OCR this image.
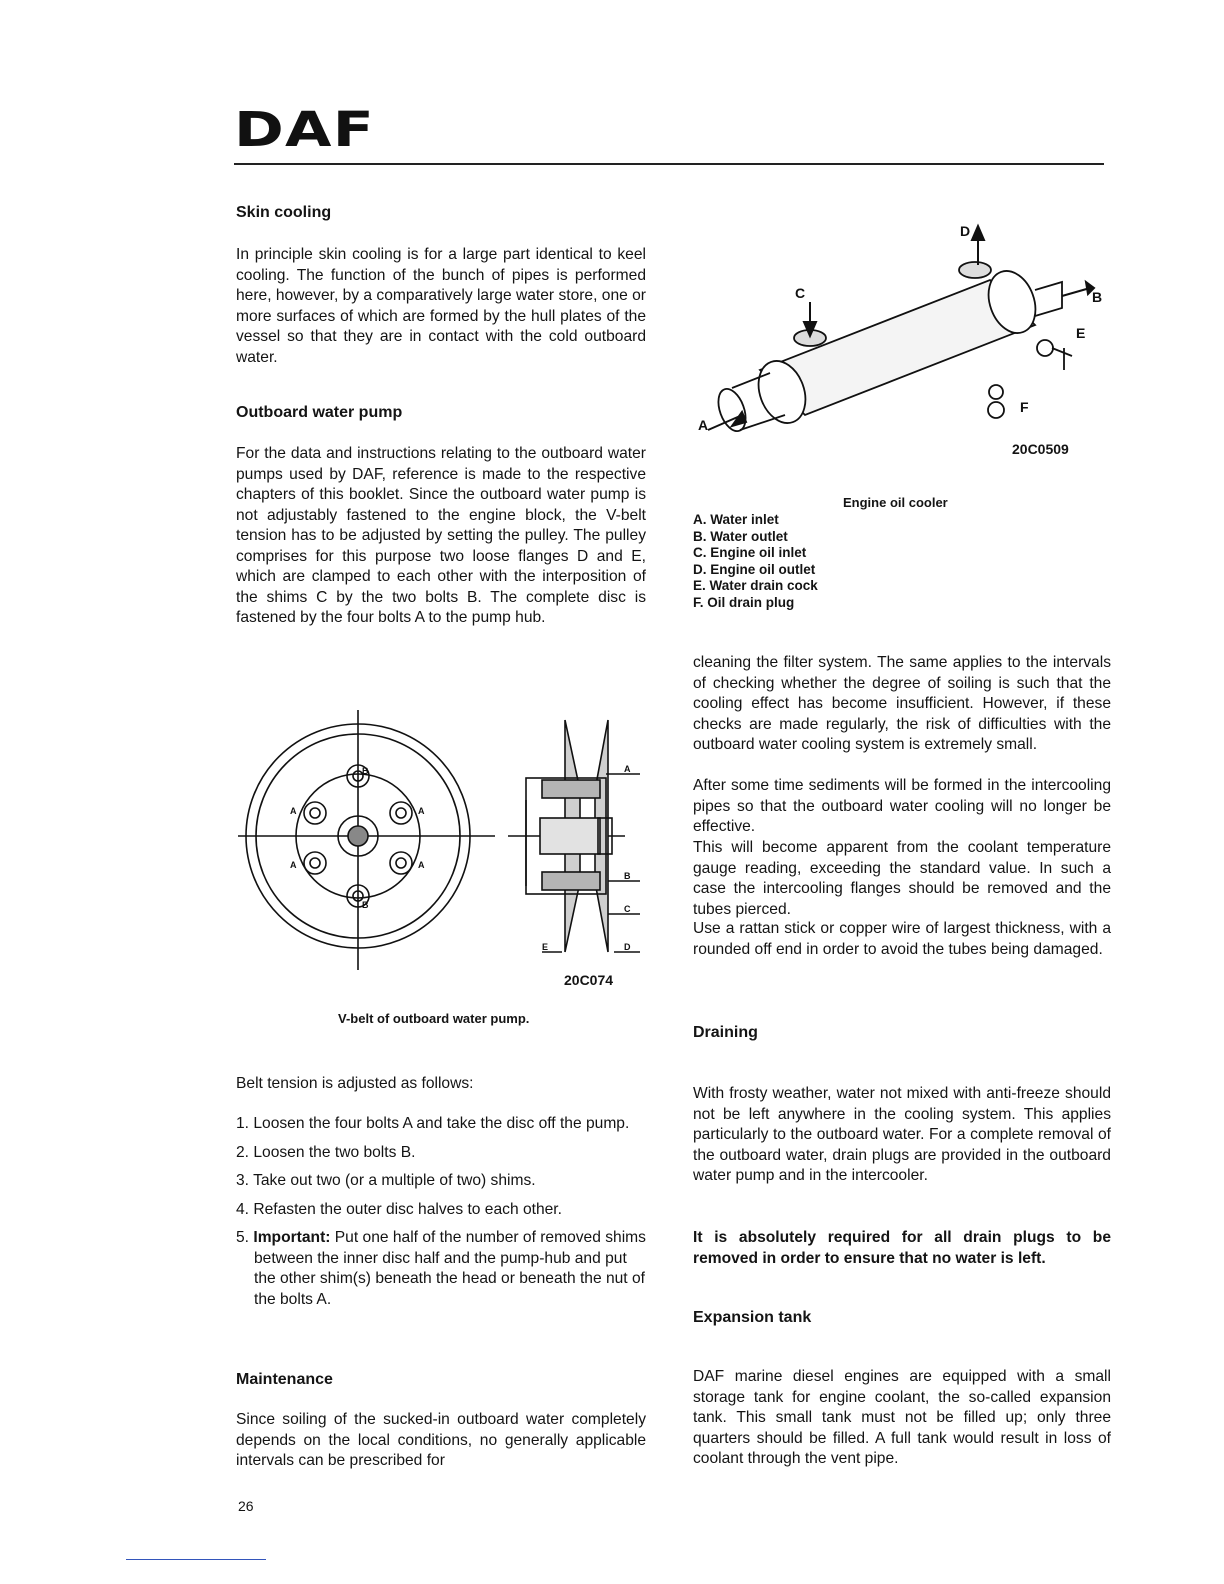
DAF
Skin cooling

In principle skin cooling is for a large part identical to keel cooling. The function of the bunch of pipes is performed here, however, by a comparatively large water store, one or more surfaces of which are formed by the hull plates of the vessel so that they are in contact with the cold outboard water.

Outboard water pump

For the data and instructions relating to the outboard water pumps used by DAF, reference is made to the respective chapters of this booklet. Since the outboard water pump is not adjustably fastened to the engine block, the V-belt tension has to be adjusted by setting the pulley. The pulley comprises for this purpose two loose flanges D and E, which are clamped to each other with the interposition of the shims C by the two bolts B. The complete disc is fastened by the four bolts A to the pump hub.

B
B
A	A
A	A
A
B
C
E	D
20C074
V-belt of outboard water pump.

Belt tension is adjusted as follows:

1. Loosen the four bolts A and take the disc off the pump.
2. Loosen the two bolts B.
3. Take out two (or a multiple of two) shims.
4. Refasten the outer disc halves to each other.
5. Important: Put one half of the number of removed shims between the inner disc half and the pump-hub and put the other shim(s) beneath the head or beneath the nut of the bolts A.
Maintenance

Since soiling of the sucked-in outboard water completely depends on the local conditions, no generally applicable intervals can be prescribed for

A
C
D
B
E
F
20C0509
Engine oil cooler
A. Water inlet
B. Water outlet
C. Engine oil inlet
D. Engine oil outlet
E. Water drain cock
F. Oil drain plug

cleaning the filter system. The same applies to the intervals of checking whether the degree of soiling is such that the cooling effect has become insufficient. However, if these checks are made regularly, the risk of difficulties with the outboard water cooling system is extremely small.

After some time sediments will be formed in the intercooling pipes so that the outboard water cooling will no longer be effective.

This will become apparent from the coolant temperature gauge reading, exceeding the standard value. In such a case the intercooling flanges should be removed and the tubes pierced.

Use a rattan stick or copper wire of largest thickness, with a rounded off end in order to avoid the tubes being damaged.

Draining

With frosty weather, water not mixed with anti-freeze should not be left anywhere in the cooling system. This applies particularly to the outboard water. For a complete removal of the outboard water, drain plugs are provided in the outboard water pump and in the intercooler.

It is absolutely required for all drain plugs to be removed in order to ensure that no water is left.

Expansion tank

DAF marine diesel engines are equipped with a small storage tank for engine coolant, the so-called expansion tank. This small tank must not be filled up; only three quarters should be filled. A full tank would result in loss of coolant through the vent pipe.

26
